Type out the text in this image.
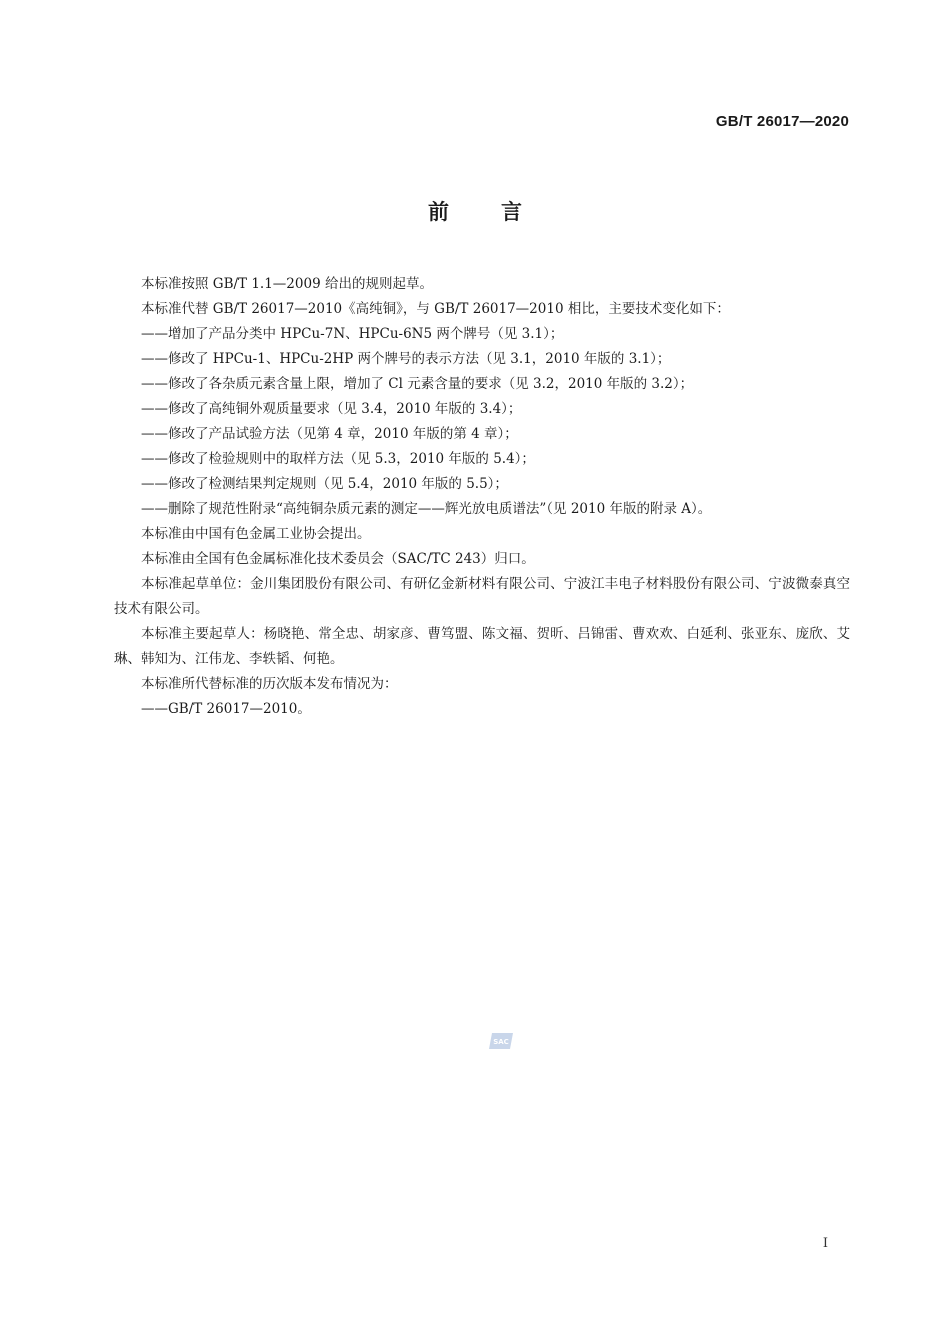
GB/T 26017—2020
前言

本标准按照 GB/T 1.1—2009 给出的规则起草。

本标准代替 GB/T 26017—2010《高纯铜》，与 GB/T 26017—2010 相比，主要技术变化如下：

——增加了产品分类中 HPCu-7N、HPCu-6N5 两个牌号（见 3.1）；

——修改了 HPCu-1、HPCu-2HP 两个牌号的表示方法（见 3.1，2010 年版的 3.1）；

——修改了各杂质元素含量上限，增加了 Cl 元素含量的要求（见 3.2，2010 年版的 3.2）；

——修改了高纯铜外观质量要求（见 3.4，2010 年版的 3.4）；

——修改了产品试验方法（见第 4 章，2010 年版的第 4 章）；

——修改了检验规则中的取样方法（见 5.3，2010 年版的 5.4）；

——修改了检测结果判定规则（见 5.4，2010 年版的 5.5）；

——删除了规范性附录“高纯铜杂质元素的测定——辉光放电质谱法”（见 2010 年版的附录 A）。

本标准由中国有色金属工业协会提出。

本标准由全国有色金属标准化技术委员会（SAC/TC 243）归口。

本标准起草单位：金川集团股份有限公司、有研亿金新材料有限公司、宁波江丰电子材料股份有限公司、宁波微泰真空技术有限公司。

本标准主要起草人：杨晓艳、常全忠、胡家彦、曹笃盟、陈文福、贺昕、吕锦雷、曹欢欢、白延利、张亚东、庞欣、艾琳、韩知为、江伟龙、李轶韬、何艳。

本标准所代替标准的历次版本发布情况为：

——GB/T 26017—2010。

SAC
I
